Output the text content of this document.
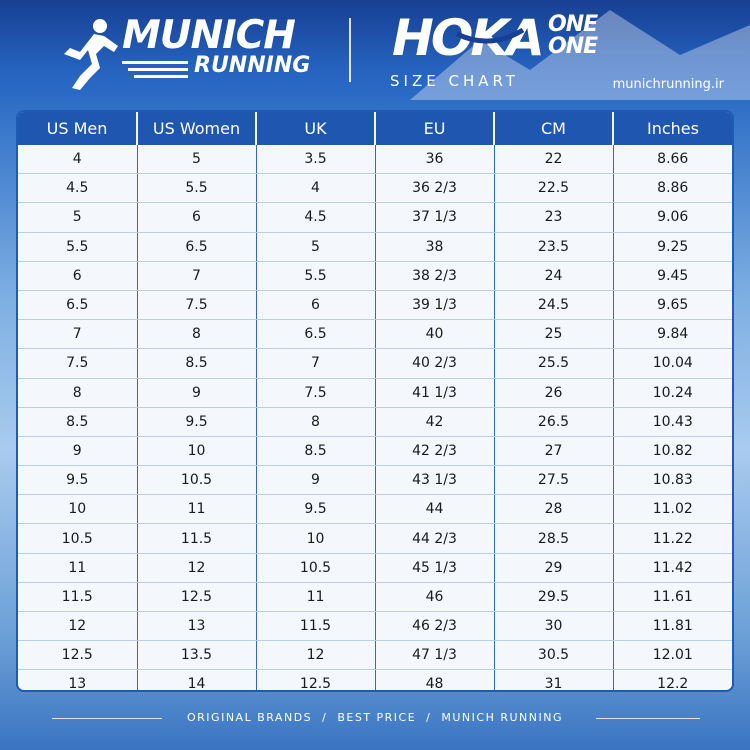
MUNICH
RUNNING HOKA ONE ONE
SIZE CHART	munichrunning.ir
US Men	US Women	UK	EU	CM	Inches
4	5	3.5	36	22	8.66
4.5	5.5	4	36 2/3	22.5	8.86
5	6	4.5	37 1/3	23	9.06
5.5	6.5	5	38	23.5	9.25
6	7	5.5	38 2/3	24	9.45
6.5	7.5	6	39 1/3	24.5	9.65
7	8	6.5	40	25	9.84
7.5	8.5	7	40 2/3	25.5	10.04
8	9	7.5	41 1/3	26	10.24
8.5	9.5	8	42	26.5	10.43
9	10	8.5	42 2/3	27	10.82
9.5	10.5	9	43 1/3	27.5	10.83
10	11	9.5	44	28	11.02
10.5	11.5	10	44 2/3	28.5	11.22
11	12	10.5	45 1/3	29	11.42
11.5	12.5	11	46	29.5	11.61
12	13	11.5	46 2/3	30	11.81
12.5	13.5	12	47 1/3	30.5	12.01
13	14	12.5	48	31	12.2
ORIGINAL BRANDS  /  BEST PRICE  /  MUNICH RUNNING
